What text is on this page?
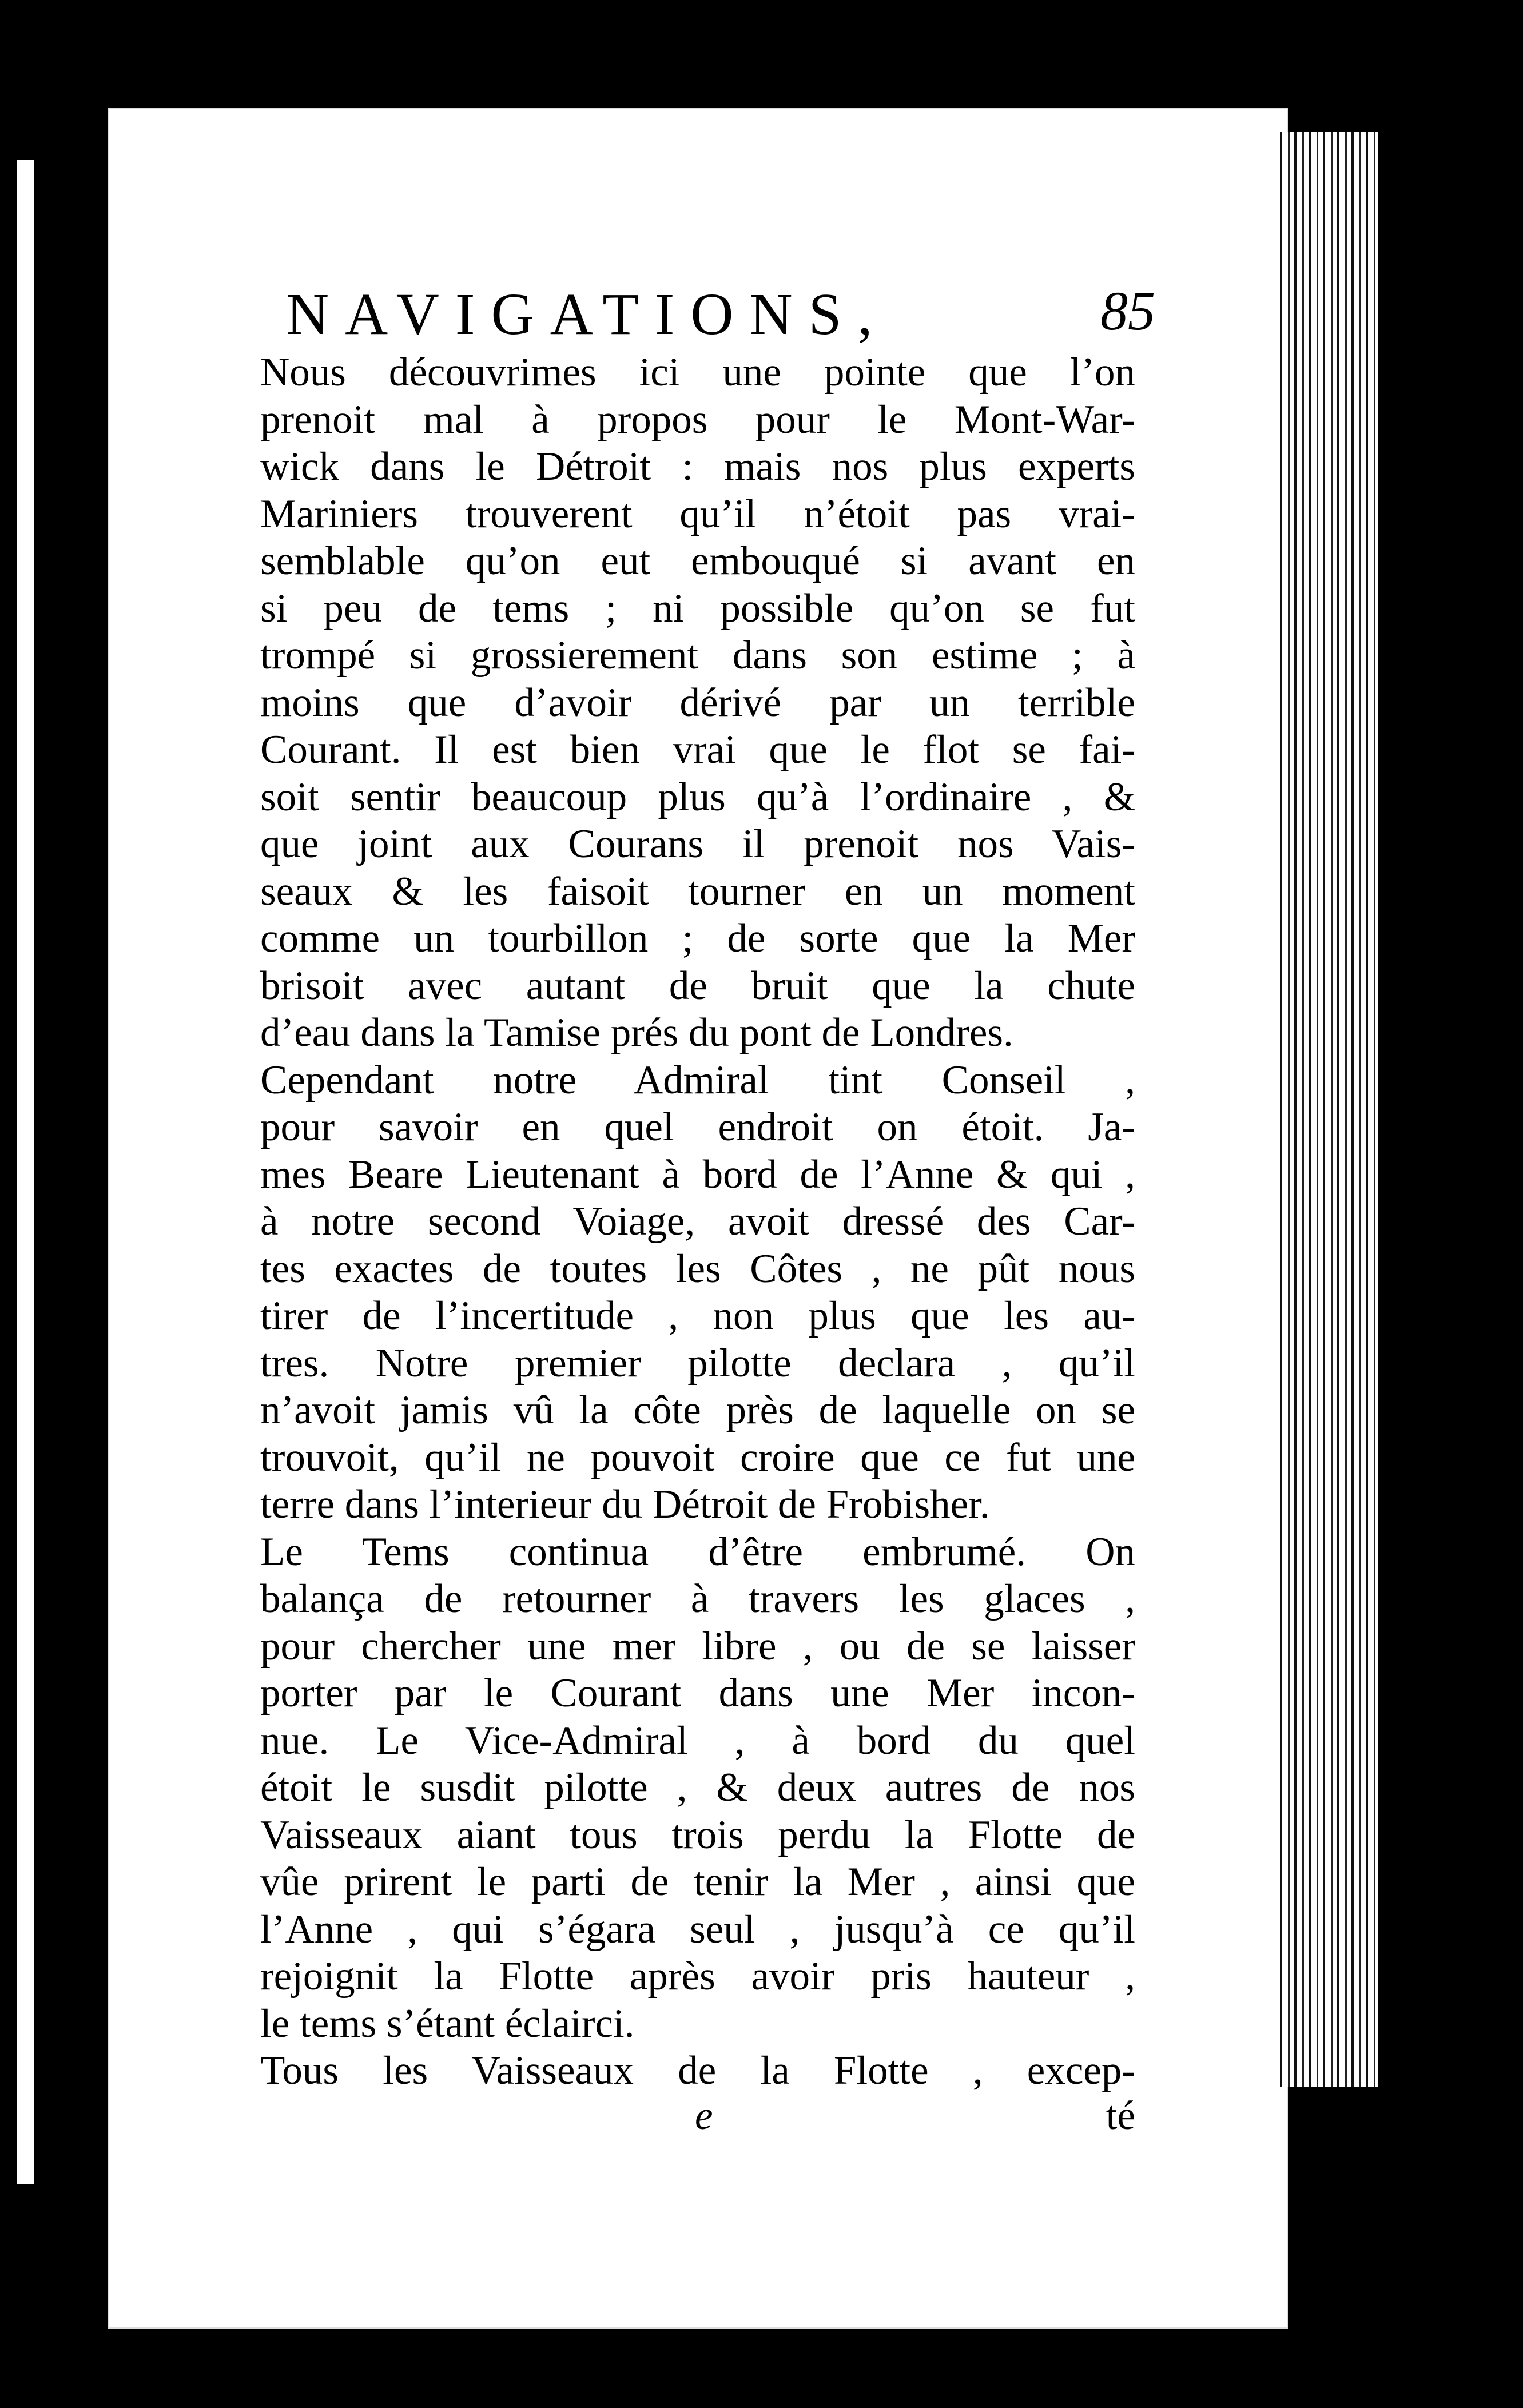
NAVIGATIONS,	85
Nous découvrimes ici une pointe que l’on
prenoit mal à propos pour le Mont-War-
wick dans le Détroit : mais nos plus experts
Mariniers trouverent qu’il n’étoit pas vrai-
semblable qu’on eut embouqué si avant en
si peu de tems ; ni possible qu’on se fut
trompé si grossierement dans son estime ; à
moins que d’avoir dérivé par un terrible
Courant. Il est bien vrai que le flot se fai-
soit sentir beaucoup plus qu’à l’ordinaire , &
que joint aux Courans il prenoit nos Vais-
seaux & les faisoit tourner en un moment
comme un tourbillon ; de sorte que la Mer
brisoit avec autant de bruit que la chute
d’eau dans la Tamise prés du pont de Londres.
Cependant notre Admiral tint Conseil ,
pour savoir en quel endroit on étoit. Ja-
mes Beare Lieutenant à bord de l’Anne & qui ,
à notre second Voiage, avoit dressé des Car-
tes exactes de toutes les Côtes , ne pût nous
tirer de l’incertitude , non plus que les au-
tres. Notre premier pilotte declara , qu’il
n’avoit jamis vû la côte près de laquelle on se
trouvoit, qu’il ne pouvoit croire que ce fut une
terre dans l’interieur du Détroit de Frobisher.
Le Tems continua d’être embrumé. On
balança de retourner à travers les glaces ,
pour chercher une mer libre , ou de se laisser
porter par le Courant dans une Mer incon-
nue. Le Vice-Admiral , à bord du quel
étoit le susdit pilotte , & deux autres de nos
Vaisseaux aiant tous trois perdu la Flotte de
vûe prirent le parti de tenir la Mer , ainsi que
l’Anne , qui s’égara seul , jusqu’à ce qu’il
rejoignit la Flotte après avoir pris hauteur ,
le tems s’étant éclairci.
Tous les Vaisseaux de la Flotte , excep-
e	té
